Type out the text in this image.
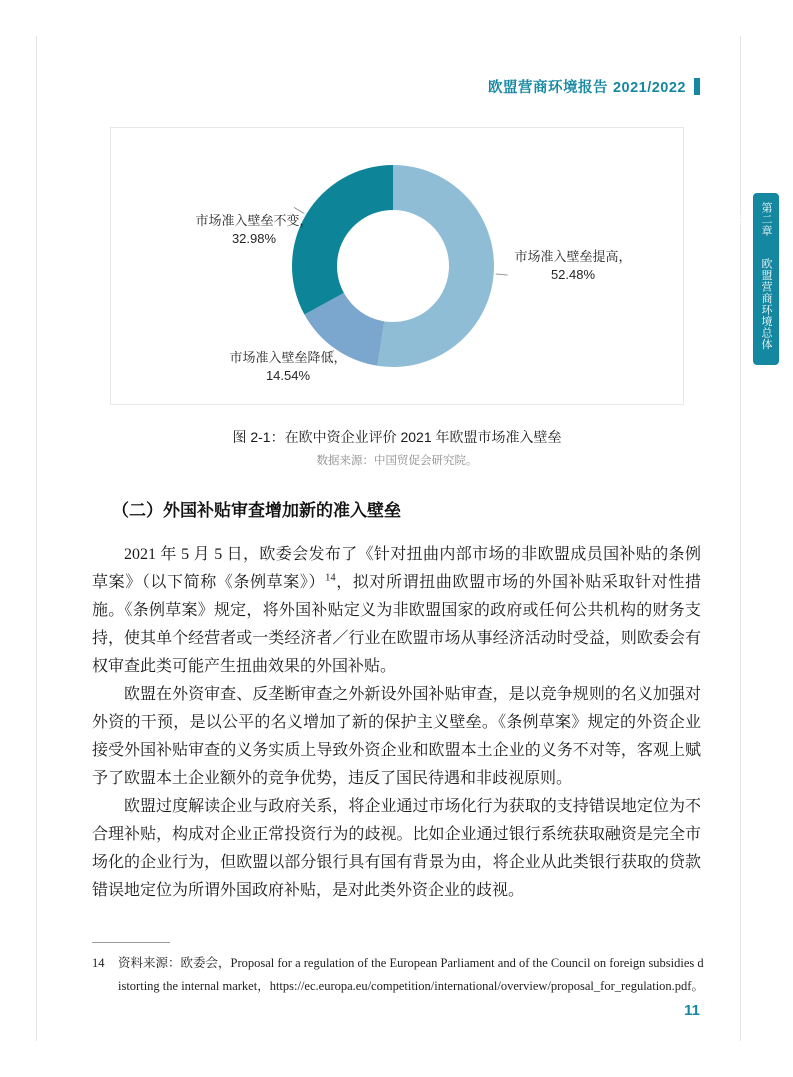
欧盟营商环境报告 2021/2022
市场准入壁垒提高，
52.48%
市场准入壁垒降低，
14.54%
市场准入壁垒不变，
32.98%
图 2-1：在欧中资企业评价 2021 年欧盟市场准入壁垒
数据来源：中国贸促会研究院。
（二）外国补贴审查增加新的准入壁垒

2021 年 5 月 5 日，欧委会发布了《针对扭曲内部市场的非欧盟成员国补贴的条例草案》（以下简称《条例草案》）$^{14}$，拟对所谓扭曲欧盟市场的外国补贴采取针对性措施。《条例草案》规定，将外国补贴定义为非欧盟国家的政府或任何公共机构的财务支持，使其单个经营者或一类经济者／行业在欧盟市场从事经济活动时受益，则欧委会有权审查此类可能产生扭曲效果的外国补贴。

欧盟在外资审查、反垄断审查之外新设外国补贴审查，是以竞争规则的名义加强对外资的干预，是以公平的名义增加了新的保护主义壁垒。《条例草案》规定的外资企业接受外国补贴审查的义务实质上导致外资企业和欧盟本土企业的义务不对等，客观上赋予了欧盟本土企业额外的竞争优势，违反了国民待遇和非歧视原则。

欧盟过度解读企业与政府关系，将企业通过市场化行为获取的支持错误地定位为不合理补贴，构成对企业正常投资行为的歧视。比如企业通过银行系统获取融资是完全市场化的企业行为，但欧盟以部分银行具有国有背景为由，将企业从此类银行获取的贷款错误地定位为所谓外国政府补贴，是对此类外资企业的歧视。

14	资料来源：欧委会，Proposal for a regulation of the European Parliament and of the Council on foreign subsidies distorting the internal market，https://ec.europa.eu/competition/international/overview/proposal_for_regulation.pdf。
11
第二章 欧盟营商环境总体问题
